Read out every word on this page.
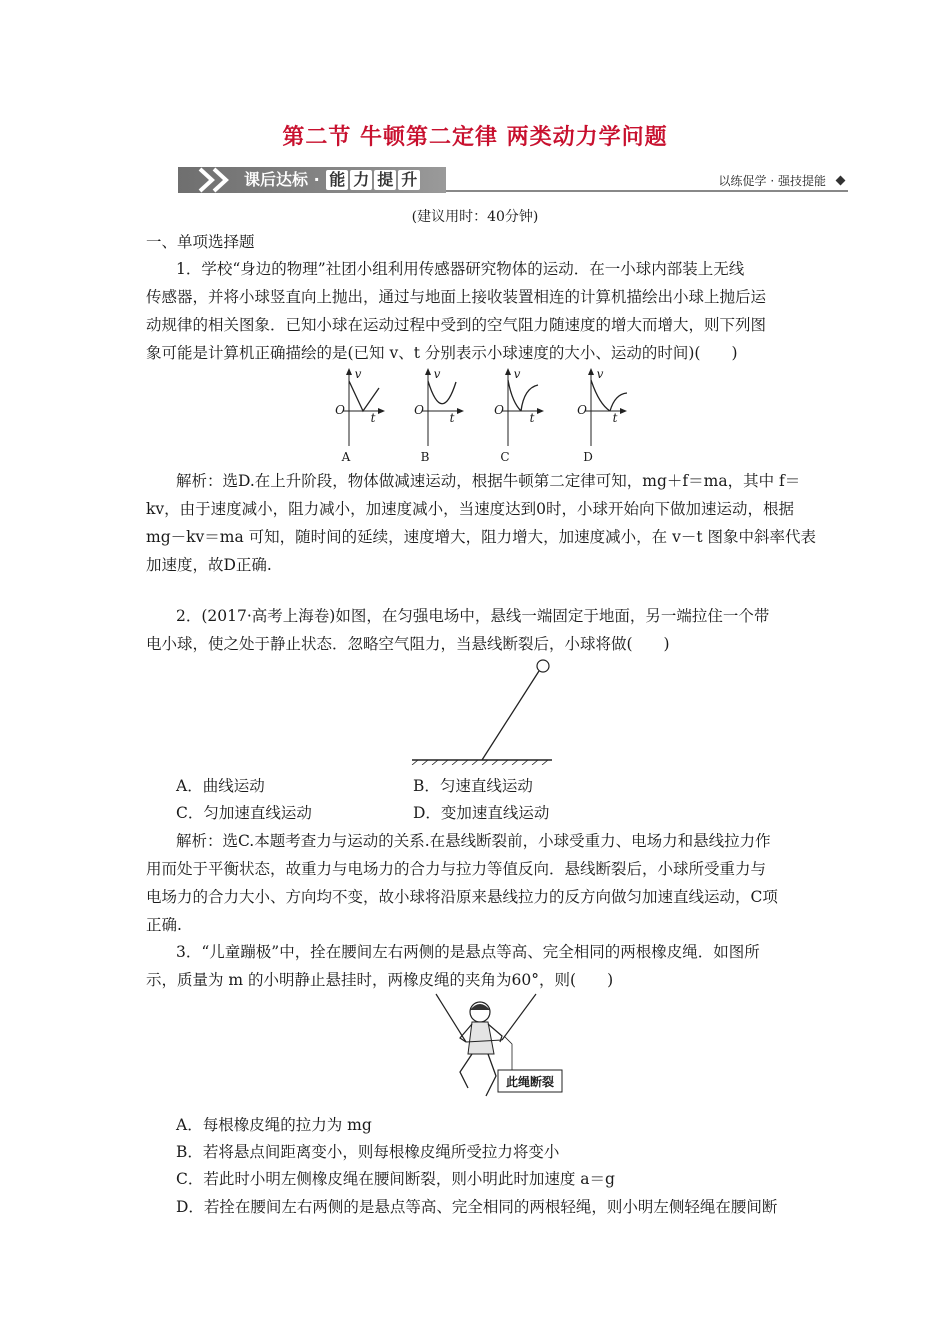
第二节 牛顿第二定律 两类动力学问题
课后达标 · 能 力 提 升	以练促学 · 强技提能
(建议用时：40分钟)
一、单项选择题
1．学校“身边的物理”社团小组利用传感器研究物体的运动．在一小球内部装上无线
传感器，并将小球竖直向上抛出，通过与地面上接收装置相连的计算机描绘出小球上抛后运
动规律的相关图象．已知小球在运动过程中受到的空气阻力随速度的增大而增大，则下列图
象可能是计算机正确描绘的是(已知 v、t 分别表示小球速度的大小、运动的时间)(　　)
v
t
O
A
v
t
O
B
v
t
O
C
v
t
O
D
解析：选D.在上升阶段，物体做减速运动，根据牛顿第二定律可知，mg＋f＝ma，其中 f＝
kv，由于速度减小，阻力减小，加速度减小，当速度达到0时，小球开始向下做加速运动，根据
mg－kv＝ma 可知，随时间的延续，速度增大，阻力增大，加速度减小，在 v－t 图象中斜率代表
加速度，故D正确.
2．(2017·高考上海卷)如图，在匀强电场中，悬线一端固定于地面，另一端拉住一个带
电小球，使之处于静止状态．忽略空气阻力，当悬线断裂后，小球将做(　　)
A．曲线运动	B．匀速直线运动
C．匀加速直线运动	D．变加速直线运动
解析：选C.本题考查力与运动的关系.在悬线断裂前，小球受重力、电场力和悬线拉力作
用而处于平衡状态，故重力与电场力的合力与拉力等值反向．悬线断裂后，小球所受重力与
电场力的合力大小、方向均不变，故小球将沿原来悬线拉力的反方向做匀加速直线运动，C项
正确.
3．“儿童蹦极”中，拴在腰间左右两侧的是悬点等高、完全相同的两根橡皮绳．如图所
示，质量为 m 的小明静止悬挂时，两橡皮绳的夹角为60°，则(　　)
此绳断裂
A．每根橡皮绳的拉力为 mg
B．若将悬点间距离变小，则每根橡皮绳所受拉力将变小
C．若此时小明左侧橡皮绳在腰间断裂，则小明此时加速度 a＝g
D．若拴在腰间左右两侧的是悬点等高、完全相同的两根轻绳，则小明左侧轻绳在腰间断
